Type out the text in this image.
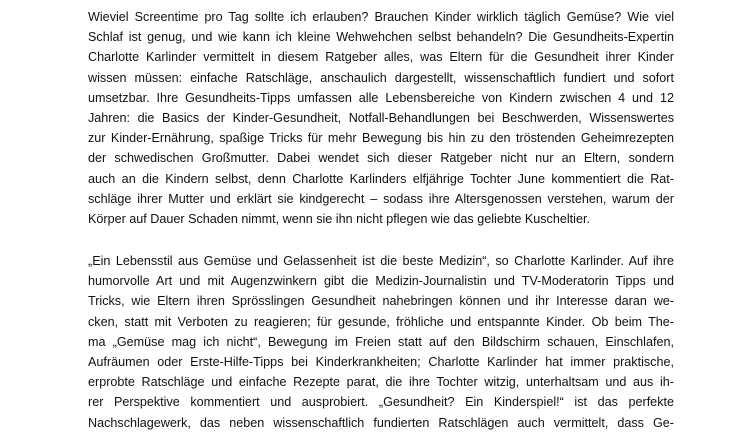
Wieviel Screentime pro Tag sollte ich erlauben? Brauchen Kinder wirklich täglich Gemüse? Wie viel
Schlaf ist genug, und wie kann ich kleine Wehwehchen selbst behandeln? Die Gesundheits-Expertin
Charlotte Karlinder vermittelt in diesem Ratgeber alles, was Eltern für die Gesundheit ihrer Kinder
wissen müssen: einfache Ratschläge, anschaulich dargestellt, wissenschaftlich fundiert und sofort
umsetzbar. Ihre Gesundheits-Tipps umfassen alle Lebensbereiche von Kindern zwischen 4 und 12
Jahren: die Basics der Kinder-Gesundheit, Notfall-Behandlungen bei Beschwerden, Wissenswertes
zur Kinder-Ernährung, spaßige Tricks für mehr Bewegung bis hin zu den tröstenden Geheimrezepten
der schwedischen Großmutter. Dabei wendet sich dieser Ratgeber nicht nur an Eltern, sondern
auch an die Kindern selbst, denn Charlotte Karlinders elfjährige Tochter June kommentiert die Rat-
schläge ihrer Mutter und erklärt sie kindgerecht – sodass ihre Altersgenossen verstehen, warum der
Körper auf Dauer Schaden nimmt, wenn sie ihn nicht pflegen wie das geliebte Kuscheltier.
„Ein Lebensstil aus Gemüse und Gelassenheit ist die beste Medizin“, so Charlotte Karlinder. Auf ihre
humorvolle Art und mit Augenzwinkern gibt die Medizin-Journalistin und TV-Moderatorin Tipps und
Tricks, wie Eltern ihren Sprösslingen Gesundheit nahebringen können und ihr Interesse daran we-
cken, statt mit Verboten zu reagieren; für gesunde, fröhliche und entspannte Kinder. Ob beim The-
ma „Gemüse mag ich nicht“, Bewegung im Freien statt auf den Bildschirm schauen, Einschlafen,
Aufräumen oder Erste-Hilfe-Tipps bei Kinderkrankheiten; Charlotte Karlinder hat immer praktische,
erprobte Ratschläge und einfache Rezepte parat, die ihre Tochter witzig, unterhaltsam und aus ih-
rer Perspektive kommentiert und ausprobiert. „Gesundheit? Ein Kinderspiel!“ ist das perfekte
Nachschlagewerk, das neben wissenschaftlich fundierten Ratschlägen auch vermittelt, dass Ge-
